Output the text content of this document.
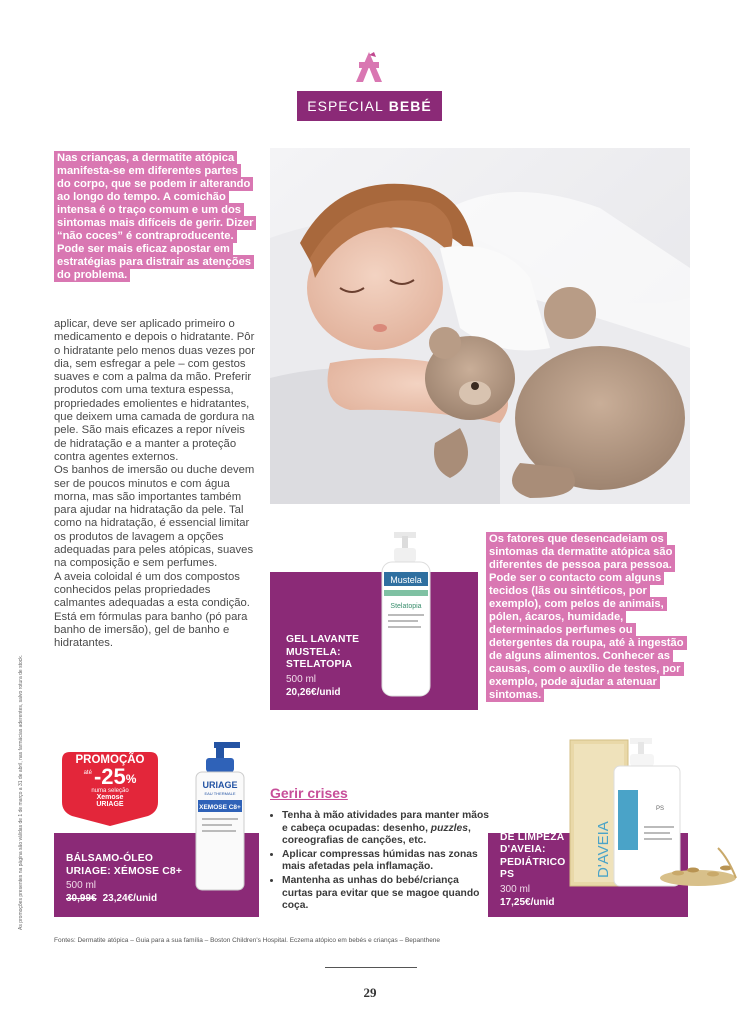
ESPECIAL BEBÉ

Nas crianças, a dermatite atópica manifesta-se em diferentes partes do corpo, que se podem ir alterando ao longo do tempo. A comichão intensa é o traço comum e um dos sintomas mais difíceis de gerir. Dizer “não coces” é contraproducente. Pode ser mais eficaz apostar em estratégias para distrair as atenções do problema.

aplicar, deve ser aplicado primeiro o medicamento e depois o hidratante. Pôr o hidratante pelo menos duas vezes por dia, sem esfregar a pele – com gestos suaves e com a palma da mão. Preferir produtos com uma textura espessa, propriedades emolientes e hidratantes, que deixem uma camada de gordura na pele. São mais eficazes a repor níveis de hidratação e a manter a proteção contra agentes externos.

Os banhos de imersão ou duche devem ser de poucos minutos e com água morna, mas são importantes também para ajudar na hidratação da pele. Tal como na hidratação, é essencial limitar os produtos de lavagem a opções adequadas para peles atópicas, suaves na composição e sem perfumes.

A aveia coloidal é um dos compostos conhecidos pelas propriedades calmantes adequadas a esta condição. Está em fórmulas para banho (pó para banho de imersão), gel de banho e hidratantes.	GEL LAVANTE
MUSTELA:
STELATOPIA
500 ml
20,26€/unid
Mustela
Stelatopia

Os fatores que desencadeiam os sintomas da dermatite atópica são diferentes de pessoa para pessoa. Pode ser o contacto com alguns tecidos (lãs ou sintéticos, por exemplo), com pelos de animais, pólen, ácaros, humidade, determinados perfumes ou detergentes da roupa, até à ingestão de alguns alimentos. Conhecer as causas, com o auxílio de testes, por exemplo, pode ajudar a atenuar sintomas.

PROMOÇÃO
até -25 %
numa seleção
Xemose
URIAGE
BÁLSAMO-ÓLEO
URIAGE: XÉMOSE C8+
500 ml
30,99€ 23,24€/unid
URIAGE
EAU THERMALE
XEMOSE C8+
Gerir crises
• Tenha à mão atividades para manter mãos e cabeça ocupadas: desenho, puzzles, coreografias de canções, etc.
• Aplicar compressas húmidas nas zonas mais afetadas pela inflamação.
• Mantenha as unhas do bebé/criança curtas para evitar que se magoe quando coça.
EMULSÃO
DE LIMPEZA
D'AVEIA:
PEDIÁTRICO
PS
300 ml
17,25€/unid
D'AVEIA
PS
Fontes: Dermatite atópica – Guia para a sua família – Boston Children's Hospital. Eczema atópico em bebés e crianças – Bepanthene
As promoções presentes na página são válidas de 1 de março a 31 de abril, nas farmácias aderentes, salvo rotura de stock.
29
